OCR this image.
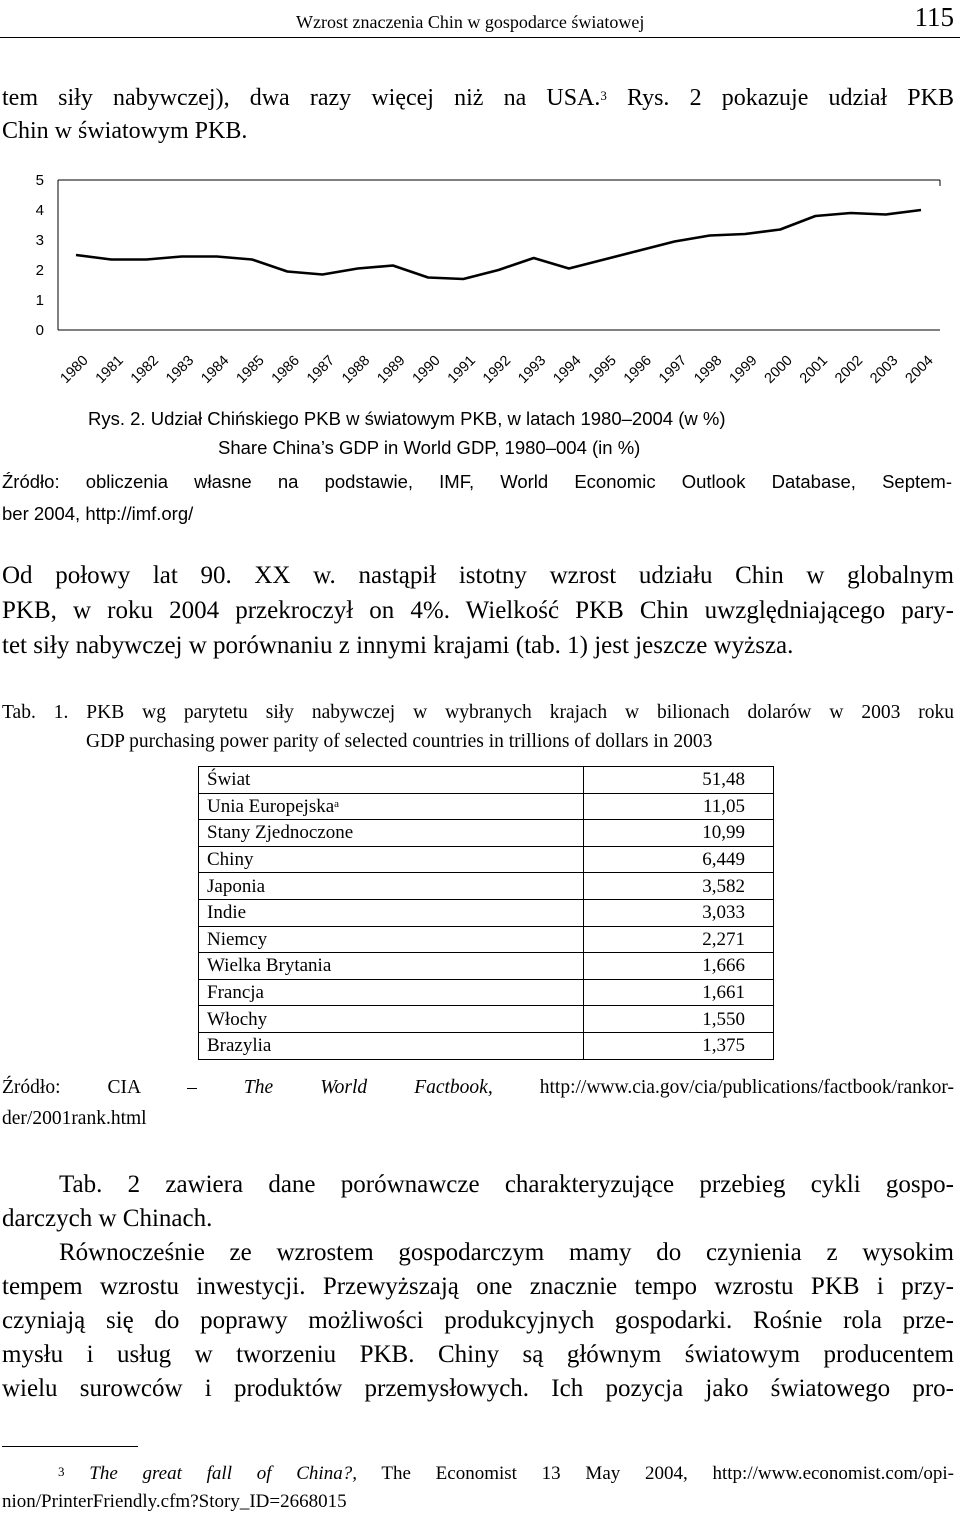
Wzrost znaczenia Chin w gospodarce światowej	115
tem siły nabywczej), dwa razy więcej niż na USA.$^3$ Rys. 2 pokazuje udział PKB
Chin w światowym PKB.
0
1
2
3
4
5
1980 1981 1982 1983 1984 1985 1986 1987 1988 1989 1990 1991 1992 1993 1994 1995 1996 1997 1998 1999 2000 2001 2002 2003 2004
Rys. 2. Udział Chińskiego PKB w światowym PKB, w latach 1980–2004 (w %)
Share China’s GDP in World GDP, 1980–004 (in %)
Źródło: obliczenia własne na podstawie, IMF, World Economic Outlook Database, Septem-
ber 2004, http://imf.org/
Od połowy lat 90. XX w. nastąpił istotny wzrost udziału Chin w globalnym
PKB, w roku 2004 przekroczył on 4%. Wielkość PKB Chin uwzględniającego pary-
tet siły nabywczej w porównaniu z innymi krajami (tab. 1) jest jeszcze wyższa.
Tab. 1. PKB wg parytetu siły nabywczej w wybranych krajach w bilionach dolarów w 2003 roku
GDP purchasing power parity of selected countries in trillions of dollars in 2003
Świat	51,48
Unia Europejska$^a$	11,05
Stany Zjednoczone	10,99
Chiny	6,449
Japonia	3,582
Indie	3,033
Niemcy	2,271
Wielka Brytania	1,666
Francja	1,661
Włochy	1,550
Brazylia	1,375
Źródło: CIA – The World Factbook, http://www.cia.gov/cia/publications/factbook/rankor-
der/2001rank.html
Tab. 2 zawiera dane porównawcze charakteryzujące przebieg cykli gospo-
darczych w Chinach.
Równocześnie ze wzrostem gospodarczym mamy do czynienia z wysokim
tempem wzrostu inwestycji. Przewyższają one znacznie tempo wzrostu PKB i przy-
czyniają się do poprawy możliwości produkcyjnych gospodarki. Rośnie rola prze-
mysłu i usług w tworzeniu PKB. Chiny są głównym światowym producentem
wielu surowców i produktów przemysłowych. Ich pozycja jako światowego pro-
$^3$ The great fall of China?, The Economist 13 May 2004, http://www.economist.com/opi-
nion/PrinterFriendly.cfm?Story_ID=2668015
